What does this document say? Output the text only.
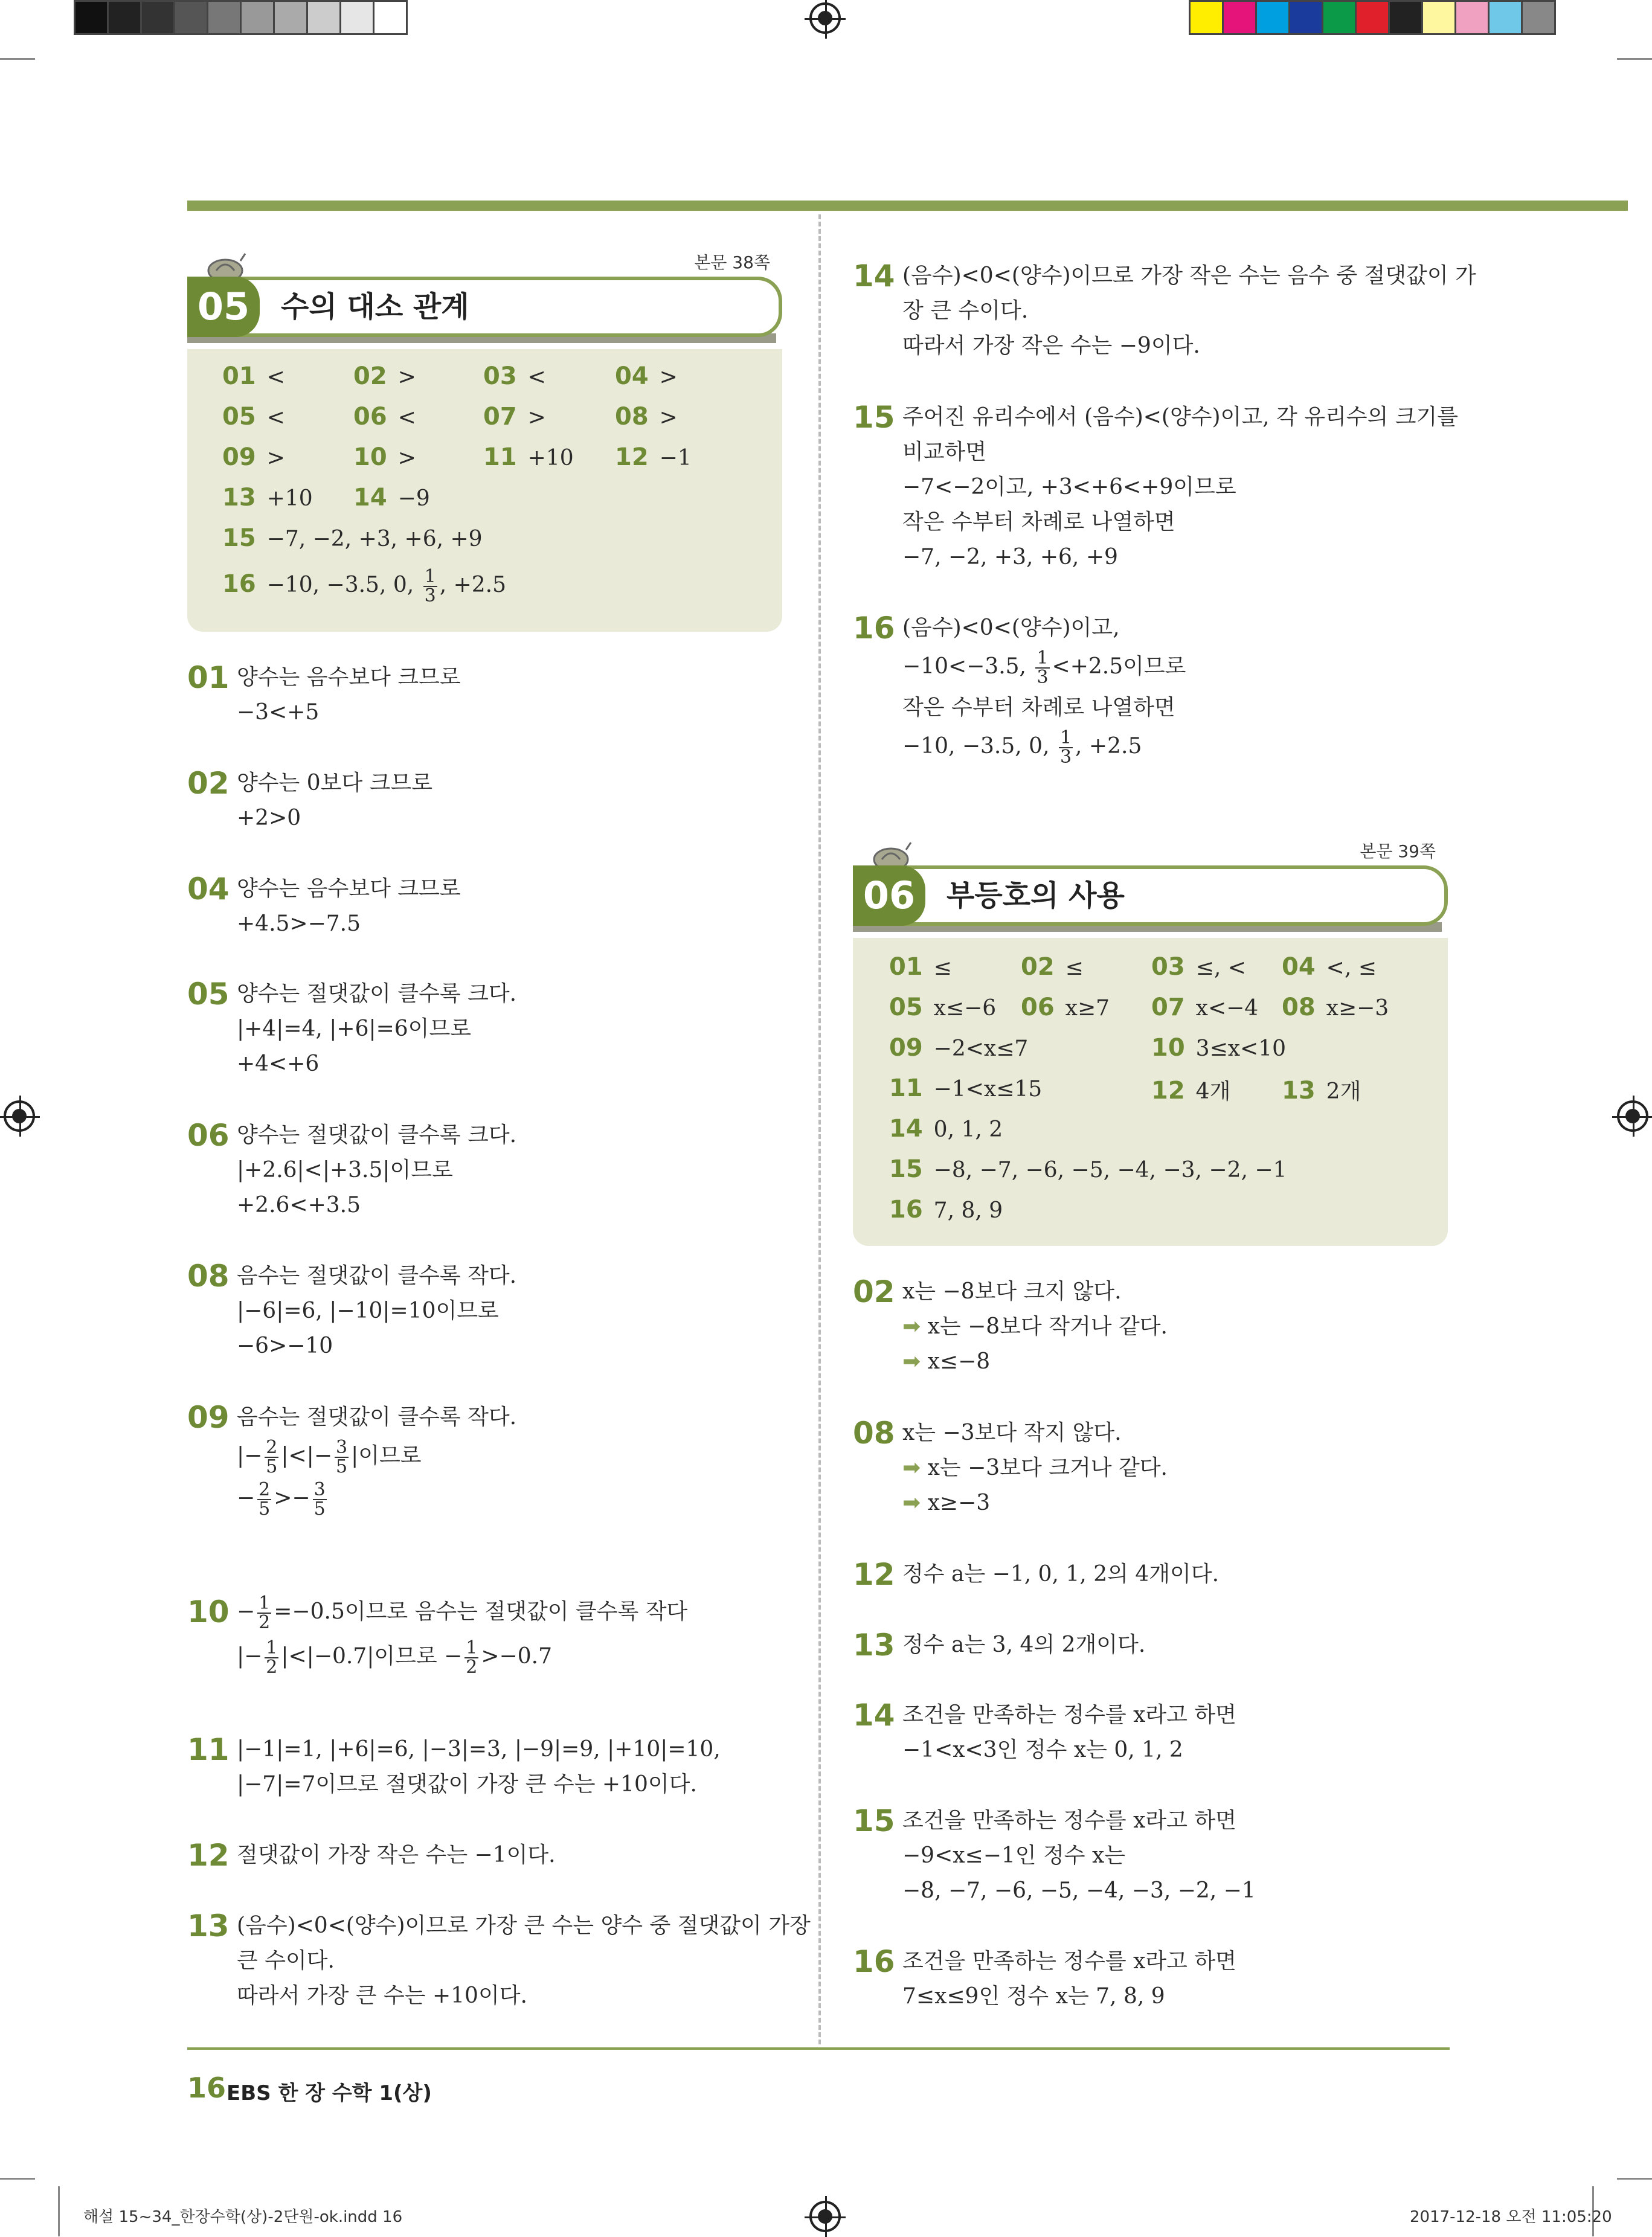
본문 38쪽
05	수의 대소 관계
01 <	02 >	03 <	04 >
05 <	06 <	07 >	08 >
09 >	10 >	11 +10 12 −1
13 +10 14 −9
15 −7, −2, +3, +6, +9
16 −10, −3.5, 0, $\frac{1}{3}$ , +2.5
01 양수는 음수보다 크므로
−3<+5
02 양수는 0보다 크므로
+2>0
04 양수는 음수보다 크므로
+4.5>−7.5
05 양수는 절댓값이 클수록 크다.
|+4|=4, |+6|=6이므로
+4<+6
06 양수는 절댓값이 클수록 크다.
|+2.6|<|+3.5|이므로
+2.6<+3.5
08 음수는 절댓값이 클수록 작다.
|−6|=6, |−10|=10이므로
−6>−10
09 음수는 절댓값이 클수록 작다.
|− $\frac{2}{5}$ |<|− $\frac{3}{5}$ |이므로
− $\frac{2}{5} >- \frac{3}{5}$
$10 - \frac{1}{2} =-0.5$이므로 음수는 절댓값이 클수록 작다
|− $\frac{1}{2} |<|-0.7|$이므로 − $\frac{1}{2} >-0.7$
11 |−1|=1, |+6|=6, |−3|=3, |−9|=9, |+10|=10,
|−7|=7이므로 절댓값이 가장 큰 수는 +10이다.
12 절댓값이 가장 작은 수는 −1이다.
13 (음수)<0<(양수)이므로 가장 큰 수는 양수 중 절댓값이 가장
큰 수이다.
따라서 가장 큰 수는 +10이다.
14 (음수)<0<(양수)이므로 가장 작은 수는 음수 중 절댓값이 가
장 큰 수이다.
따라서 가장 작은 수는 −9이다.
15 주어진 유리수에서 (음수)<(양수)이고, 각 유리수의 크기를
비교하면
−7<−2이고, +3<+6<+9이므로
작은 수부터 차례로 나열하면
−7, −2, +3, +6, +9
16 (음수)<0<(양수)이고,
−10<−3.5, $\frac{1}{3} <+2.5$이므로
작은 수부터 차례로 나열하면
−10, −3.5, 0, $\frac{1}{3}$ , +2.5
본문 39쪽
06	부등호의 사용
01 ≤	02 ≤	03 ≤, < 04 <, ≤
05 x≤−6 06 x≥7 07 x<−4 08 x≥−3
09 −2<x≤7	10 3≤x<10
11 −1<x≤15	12 4개 13 2개
14 0, 1, 2
15 −8, −7, −6, −5, −4, −3, −2, −1
16 7, 8, 9
02 x는 −8보다 크지 않다.
➡ x는 −8보다 작거나 같다.
➡ x≤−8
08 x는 −3보다 작지 않다.
➡ x는 −3보다 크거나 같다.
➡ x≥−3
12 정수 a는 −1, 0, 1, 2의 4개이다.
13 정수 a는 3, 4의 2개이다.
14 조건을 만족하는 정수를 x라고 하면
−1<x<3인 정수 x는 0, 1, 2
15 조건을 만족하는 정수를 x라고 하면
−9<x≤−1인 정수 x는
−8, −7, −6, −5, −4, −3, −2, −1
16 조건을 만족하는 정수를 x라고 하면
7≤x≤9인 정수 x는 7, 8, 9
16 EBS 한 장 수학 1(상)
해설 15~34_한장수학(상)-2단원-ok.indd 16	2017-12-18 오전 11:05:20
